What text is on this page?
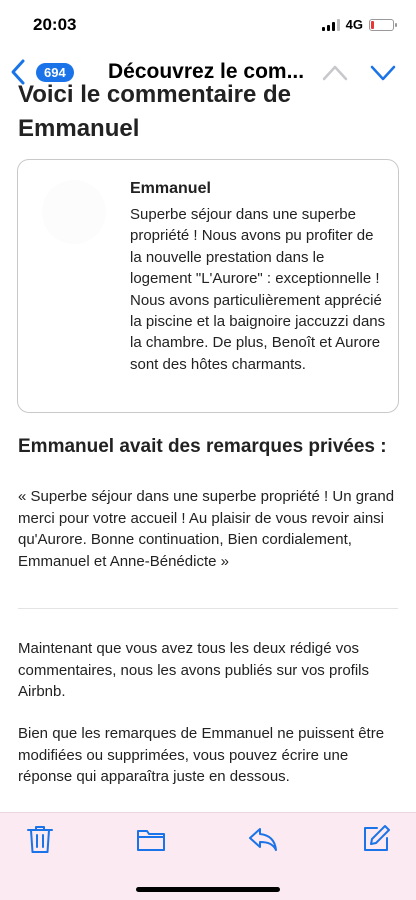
20:03	4G
694	Découvrez le com...
Voici le commentaire de Emmanuel
Emmanuel
Superbe séjour dans une superbe propriété ! Nous avons pu profiter de la nouvelle prestation dans le logement "L'Aurore" : exceptionnelle ! Nous avons particulièrement apprécié la piscine et la baignoire jaccuzzi dans la chambre. De plus, Benoît et Aurore sont des hôtes charmants.
Emmanuel avait des remarques privées :
« Superbe séjour dans une superbe propriété ! Un grand merci pour votre accueil ! Au plaisir de vous revoir ainsi qu'Aurore. Bonne continuation, Bien cordialement, Emmanuel et Anne-Bénédicte »
Maintenant que vous avez tous les deux rédigé vos commentaires, nous les avons publiés sur vos profils Airbnb.
Bien que les remarques de Emmanuel ne puissent être modifiées ou supprimées, vous pouvez écrire une réponse qui apparaîtra juste en dessous.
